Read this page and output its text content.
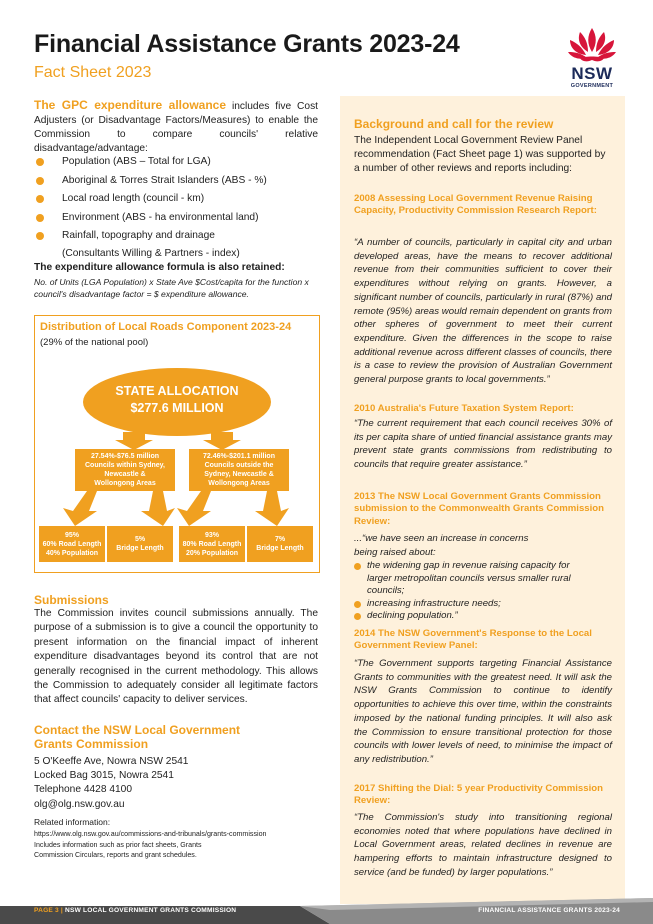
Financial Assistance Grants 2023-24
Fact Sheet 2023	NSW
GOVERNMENT
The GPC expenditure allowance includes five Cost Adjusters (or Disadvantage Factors/Measures) to enable the Commission to compare councils' relative disadvantage/advantage:
Population (ABS – Total for LGA)
Aboriginal & Torres Strait Islanders (ABS - %)
Local road length (council - km)
Environment (ABS - ha environmental land)
Rainfall, topography and drainage
(Consultants Willing & Partners - index)
The expenditure allowance formula is also retained:
No. of Units (LGA Population) x State Ave $Cost/capita for the function x council's disadvantage factor = $ expenditure allowance.
Distribution of Local Roads Component 2023-24
(29% of the national pool)
STATE ALLOCATION
$277.6 MILLION
27.54%-$76.5 million
Councils within Sydney,
Newcastle &
Wollongong Areas
72.46%-$201.1 million
Councils outside the
Sydney, Newcastle &
Wollongong Areas
95%
60% Road Length
40% Population
5%
Bridge Length
93%
80% Road Length
20% Population
7%
Bridge Length
Submissions
The Commission invites council submissions annually. The purpose of a submission is to give a council the opportunity to present information on the financial impact of inherent expenditure disadvantages beyond its control that are not generally recognised in the current methodology. This allows the Commission to adequately consider all legitimate factors that affect councils' capacity to deliver services.
Contact the NSW Local Government
Grants Commission
5 O'Keeffe Ave, Nowra NSW 2541
Locked Bag 3015, Nowra 2541
Telephone 4428 4100
olg@olg.nsw.gov.au
Related information:
https://www.olg.nsw.gov.au/commissions-and-tribunals/grants-commission
Includes information such as prior fact sheets, Grants
Commission Circulars, reports and grant schedules.
Background and call for the review
The Independent Local Government Review Panel recommendation (Fact Sheet page 1) was supported by a number of other reviews and reports including:
2008 Assessing Local Government Revenue Raising Capacity, Productivity Commission Research Report:
“A number of councils, particularly in capital city and urban developed areas, have the means to recover additional revenue from their communities sufficient to cover their expenditures without relying on grants. However, a significant number of councils, particularly in rural (87%) and remote (95%) areas would remain dependent on grants from other spheres of government to meet their current expenditure. Given the differences in the scope to raise additional revenue across different classes of councils, there is a case to review the provision of Australian Government general purpose grants to local governments.”
2010 Australia's Future Taxation System Report:
“The current requirement that each council receives 30% of its per capita share of untied financial assistance grants may prevent state grants commissions from redistributing to councils that require greater assistance.”
2013 The NSW Local Government Grants Commission submission to the Commonwealth Grants Commission Review:
...“we have seen an increase in concerns being raised about:
the widening gap in revenue raising capacity for larger metropolitan councils versus smaller rural councils;
increasing infrastructure needs;
declining population.”
2014 The NSW Government's Response to the Local Government Review Panel:
“The Government supports targeting Financial Assistance Grants to communities with the greatest need. It will ask the NSW Grants Commission to continue to identify opportunities to achieve this over time, within the constraints imposed by the national funding principles. It will also ask the Commission to ensure transitional protection for those councils with lower levels of need, to minimise the impact of any redistribution.”
2017 Shifting the Dial: 5 year Productivity Commission Review:
“The Commission's study into transitioning regional economies noted that where populations have declined in Local Government areas, related declines in revenue are hampering efforts to maintain infrastructure designed to service (and be funded) by larger populations.”
PAGE 3 | NSW LOCAL GOVERNMENT GRANTS COMMISSION	FINANCIAL ASSISTANCE GRANTS 2023-24
